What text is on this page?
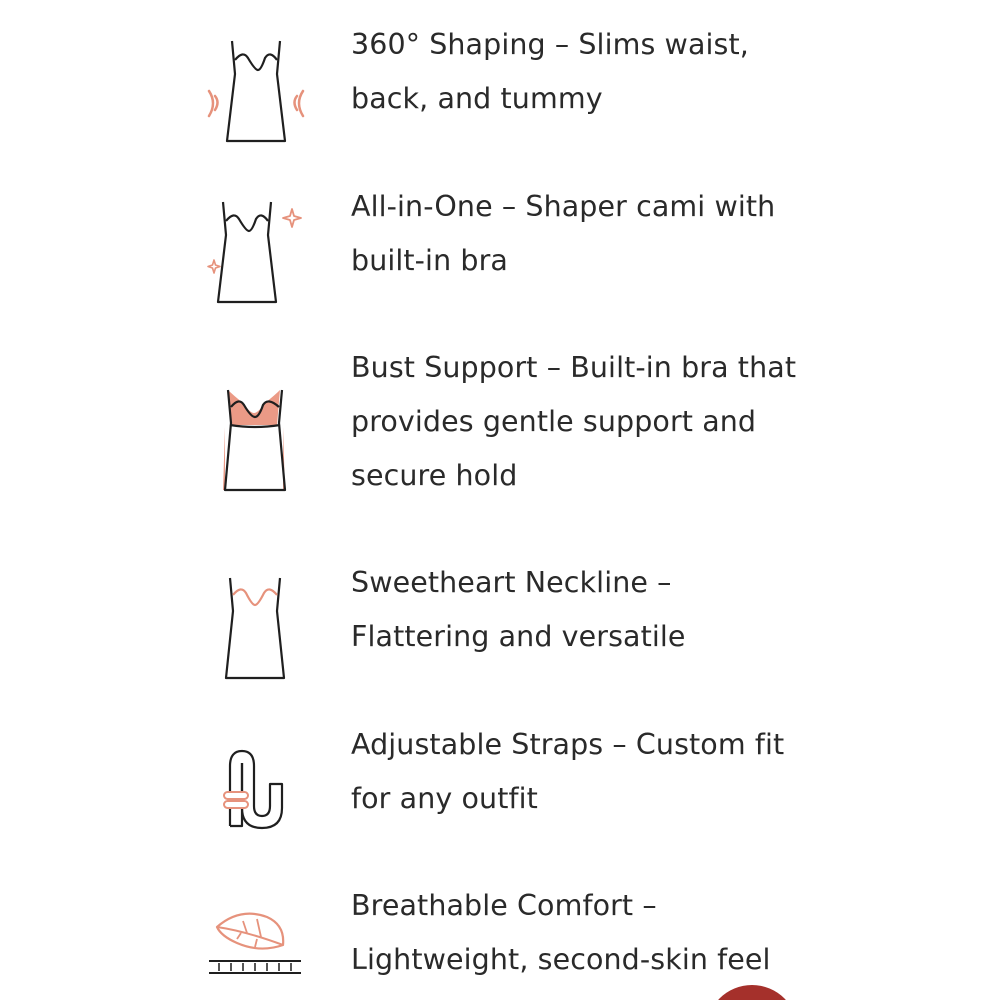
360° Shaping – Slims waist,
back, and tummy
All-in-One – Shaper cami with
built-in bra
Bust Support – Built-in bra that
provides gentle support and
secure hold
Sweetheart Neckline –
Flattering and versatile
Adjustable Straps – Custom fit
for any outfit
Breathable Comfort –
Lightweight, second-skin feel
